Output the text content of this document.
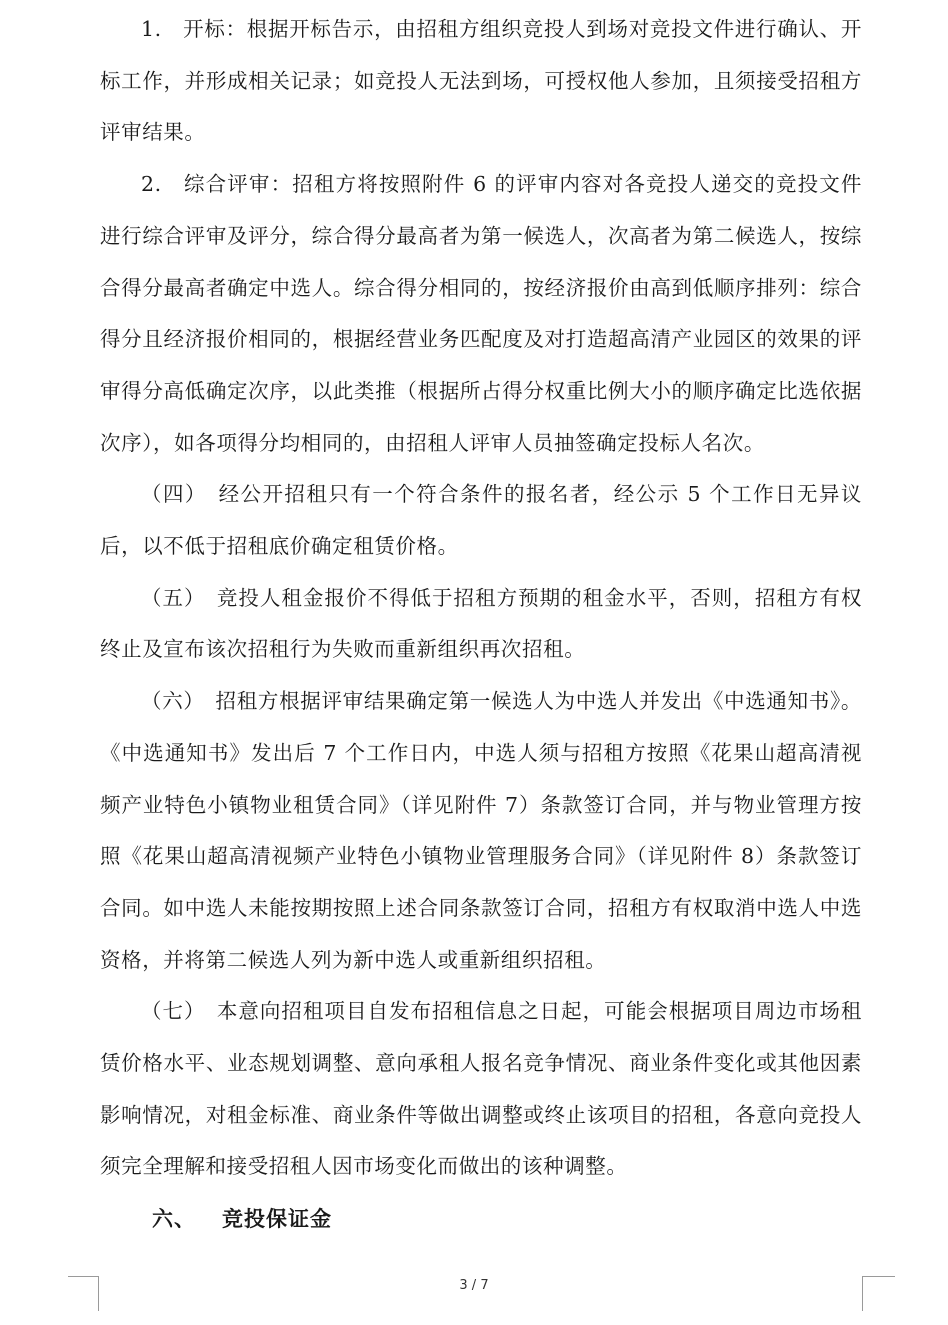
1.　开标：根据开标告示，由招租方组织竞投人到场对竞投文件进行确认、开标工作，并形成相关记录；如竞投人无法到场，可授权他人参加，且须接受招租方评审结果。

2.　综合评审：招租方将按照附件 6 的评审内容对各竞投人递交的竞投文件进行综合评审及评分，综合得分最高者为第一候选人，次高者为第二候选人，按综合得分最高者确定中选人。综合得分相同的，按经济报价由高到低顺序排列：综合得分且经济报价相同的，根据经营业务匹配度及对打造超高清产业园区的效果的评审得分高低确定次序，以此类推（根据所占得分权重比例大小的顺序确定比选依据次序），如各项得分均相同的，由招租人评审人员抽签确定投标人名次。

（四）　经公开招租只有一个符合条件的报名者，经公示 5 个工作日无异议后，以不低于招租底价确定租赁价格。

（五）　竞投人租金报价不得低于招租方预期的租金水平，否则，招租方有权终止及宣布该次招租行为失败而重新组织再次招租。

（六）　招租方根据评审结果确定第一候选人为中选人并发出《中选通知书》。《中选通知书》发出后 7 个工作日内，中选人须与招租方按照《花果山超高清视频产业特色小镇物业租赁合同》（详见附件 7）条款签订合同，并与物业管理方按照《花果山超高清视频产业特色小镇物业管理服务合同》（详见附件 8）条款签订合同。如中选人未能按期按照上述合同条款签订合同，招租方有权取消中选人中选资格，并将第二候选人列为新中选人或重新组织招租。

（七）　本意向招租项目自发布招租信息之日起，可能会根据项目周边市场租赁价格水平、业态规划调整、意向承租人报名竞争情况、商业条件变化或其他因素影响情况，对租金标准、商业条件等做出调整或终止该项目的招租，各意向竞投人须完全理解和接受招租人因市场变化而做出的该种调整。

六、 竞投保证金

3 / 7
